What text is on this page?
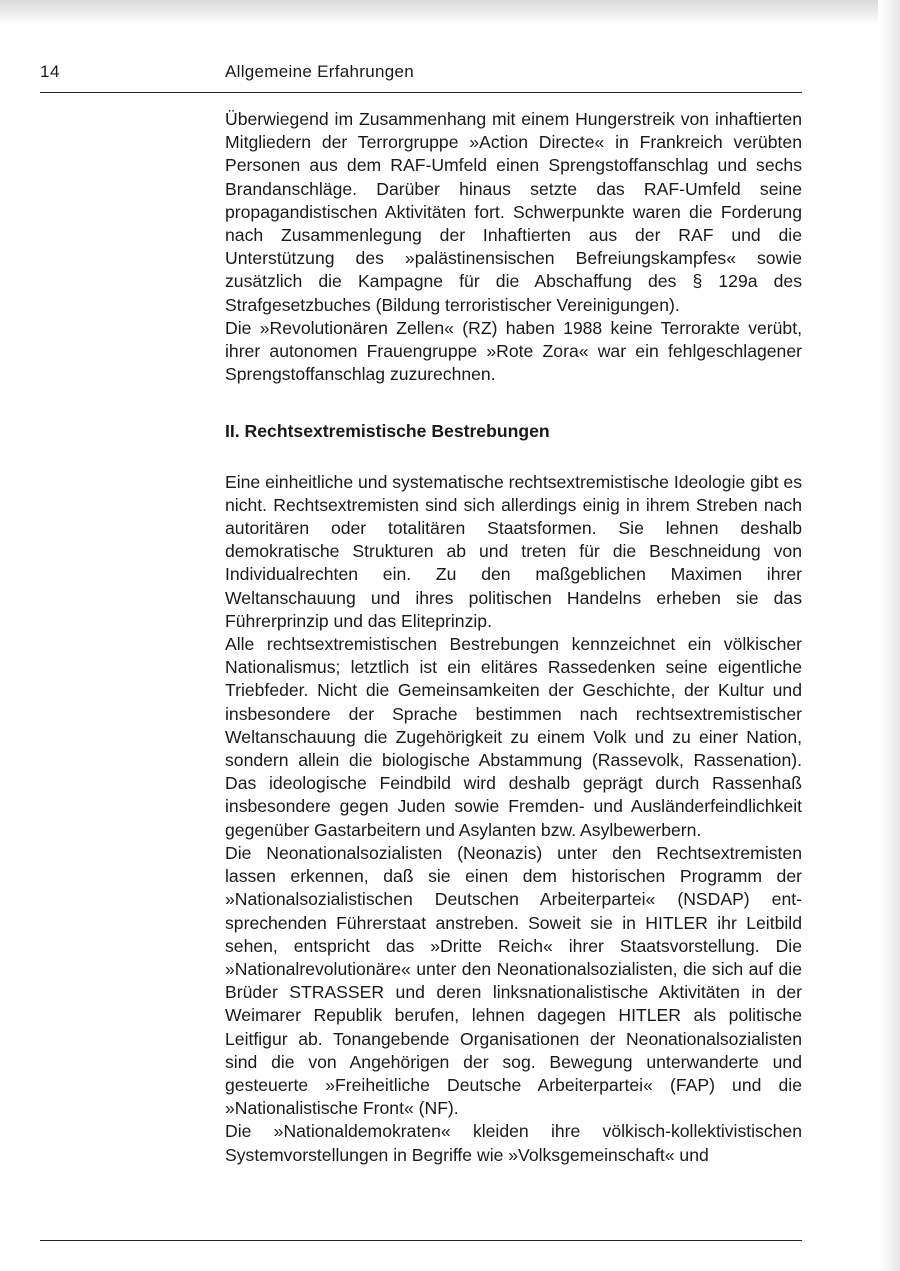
14	Allgemeine Erfahrungen

Überwiegend im Zusammenhang mit einem Hungerstreik von inhaftierten Mitgliedern der Terrorgruppe »Action Directe« in Frankreich verübten Personen aus dem RAF-Umfeld einen Sprengstoffanschlag und sechs Brandanschläge. Darüber hinaus setzte das RAF-Umfeld seine propagandistischen Aktivitäten fort. Schwerpunkte waren die Forderung nach Zusammenlegung der Inhaftierten aus der RAF und die Unterstützung des »palästinensischen Befreiungskampfes« sowie zusätzlich die Kampagne für die Abschaffung des § 129a des Strafgesetzbuches (Bildung terroristischer Vereinigungen).

Die »Revolutionären Zellen« (RZ) haben 1988 keine Terrorakte verübt, ihrer autonomen Frauengruppe »Rote Zora« war ein fehlgeschlagener Sprengstoffanschlag zuzurechnen.

II. Rechtsextremistische Bestrebungen

Eine einheitliche und systematische rechtsextremistische Ideologie gibt es nicht. Rechtsextremisten sind sich allerdings einig in ihrem Streben nach autoritären oder totalitären Staatsformen. Sie lehnen deshalb demokratische Strukturen ab und treten für die Beschneidung von Individualrechten ein. Zu den maßgeblichen Maximen ihrer Weltanschauung und ihres politischen Handelns erheben sie das Führerprinzip und das Eliteprinzip.

Alle rechtsextremistischen Bestrebungen kennzeichnet ein völkischer Nationalismus; letztlich ist ein elitäres Rassedenken seine eigentliche Triebfeder. Nicht die Gemeinsamkeiten der Geschichte, der Kultur und insbesondere der Sprache bestimmen nach rechtsextremistischer Weltanschauung die Zugehörigkeit zu einem Volk und zu einer Nation, sondern allein die biologische Abstammung (Rassevolk, Rassenation). Das ideologische Feindbild wird deshalb geprägt durch Rassenhaß insbesondere gegen Juden sowie Fremden- und Ausländerfeindlichkeit gegenüber Gastarbeitern und Asylanten bzw. Asylbewerbern.

Die Neonationalsozialisten (Neonazis) unter den Rechtsextremisten lassen erkennen, daß sie einen dem historischen Programm der »Nationalsozialistischen Deutschen Arbeiterpartei« (NSDAP) entsprechenden Führerstaat anstreben. Soweit sie in HITLER ihr Leitbild sehen, entspricht das »Dritte Reich« ihrer Staatsvorstellung. Die »Nationalrevolutionäre« unter den Neonationalsozialisten, die sich auf die Brüder STRASSER und deren linksnationalistische Aktivitäten in der Weimarer Republik berufen, lehnen dagegen HITLER als politische Leitfigur ab. Tonangebende Organisationen der Neonationalsozialisten sind die von Angehörigen der sog. Bewegung unterwanderte und gesteuerte »Freiheitliche Deutsche Arbeiterpartei« (FAP) und die »Nationalistische Front« (NF).

Die »Nationaldemokraten« kleiden ihre völkisch-kollektivistischen Systemvorstellungen in Begriffe wie »Volksgemeinschaft« und
